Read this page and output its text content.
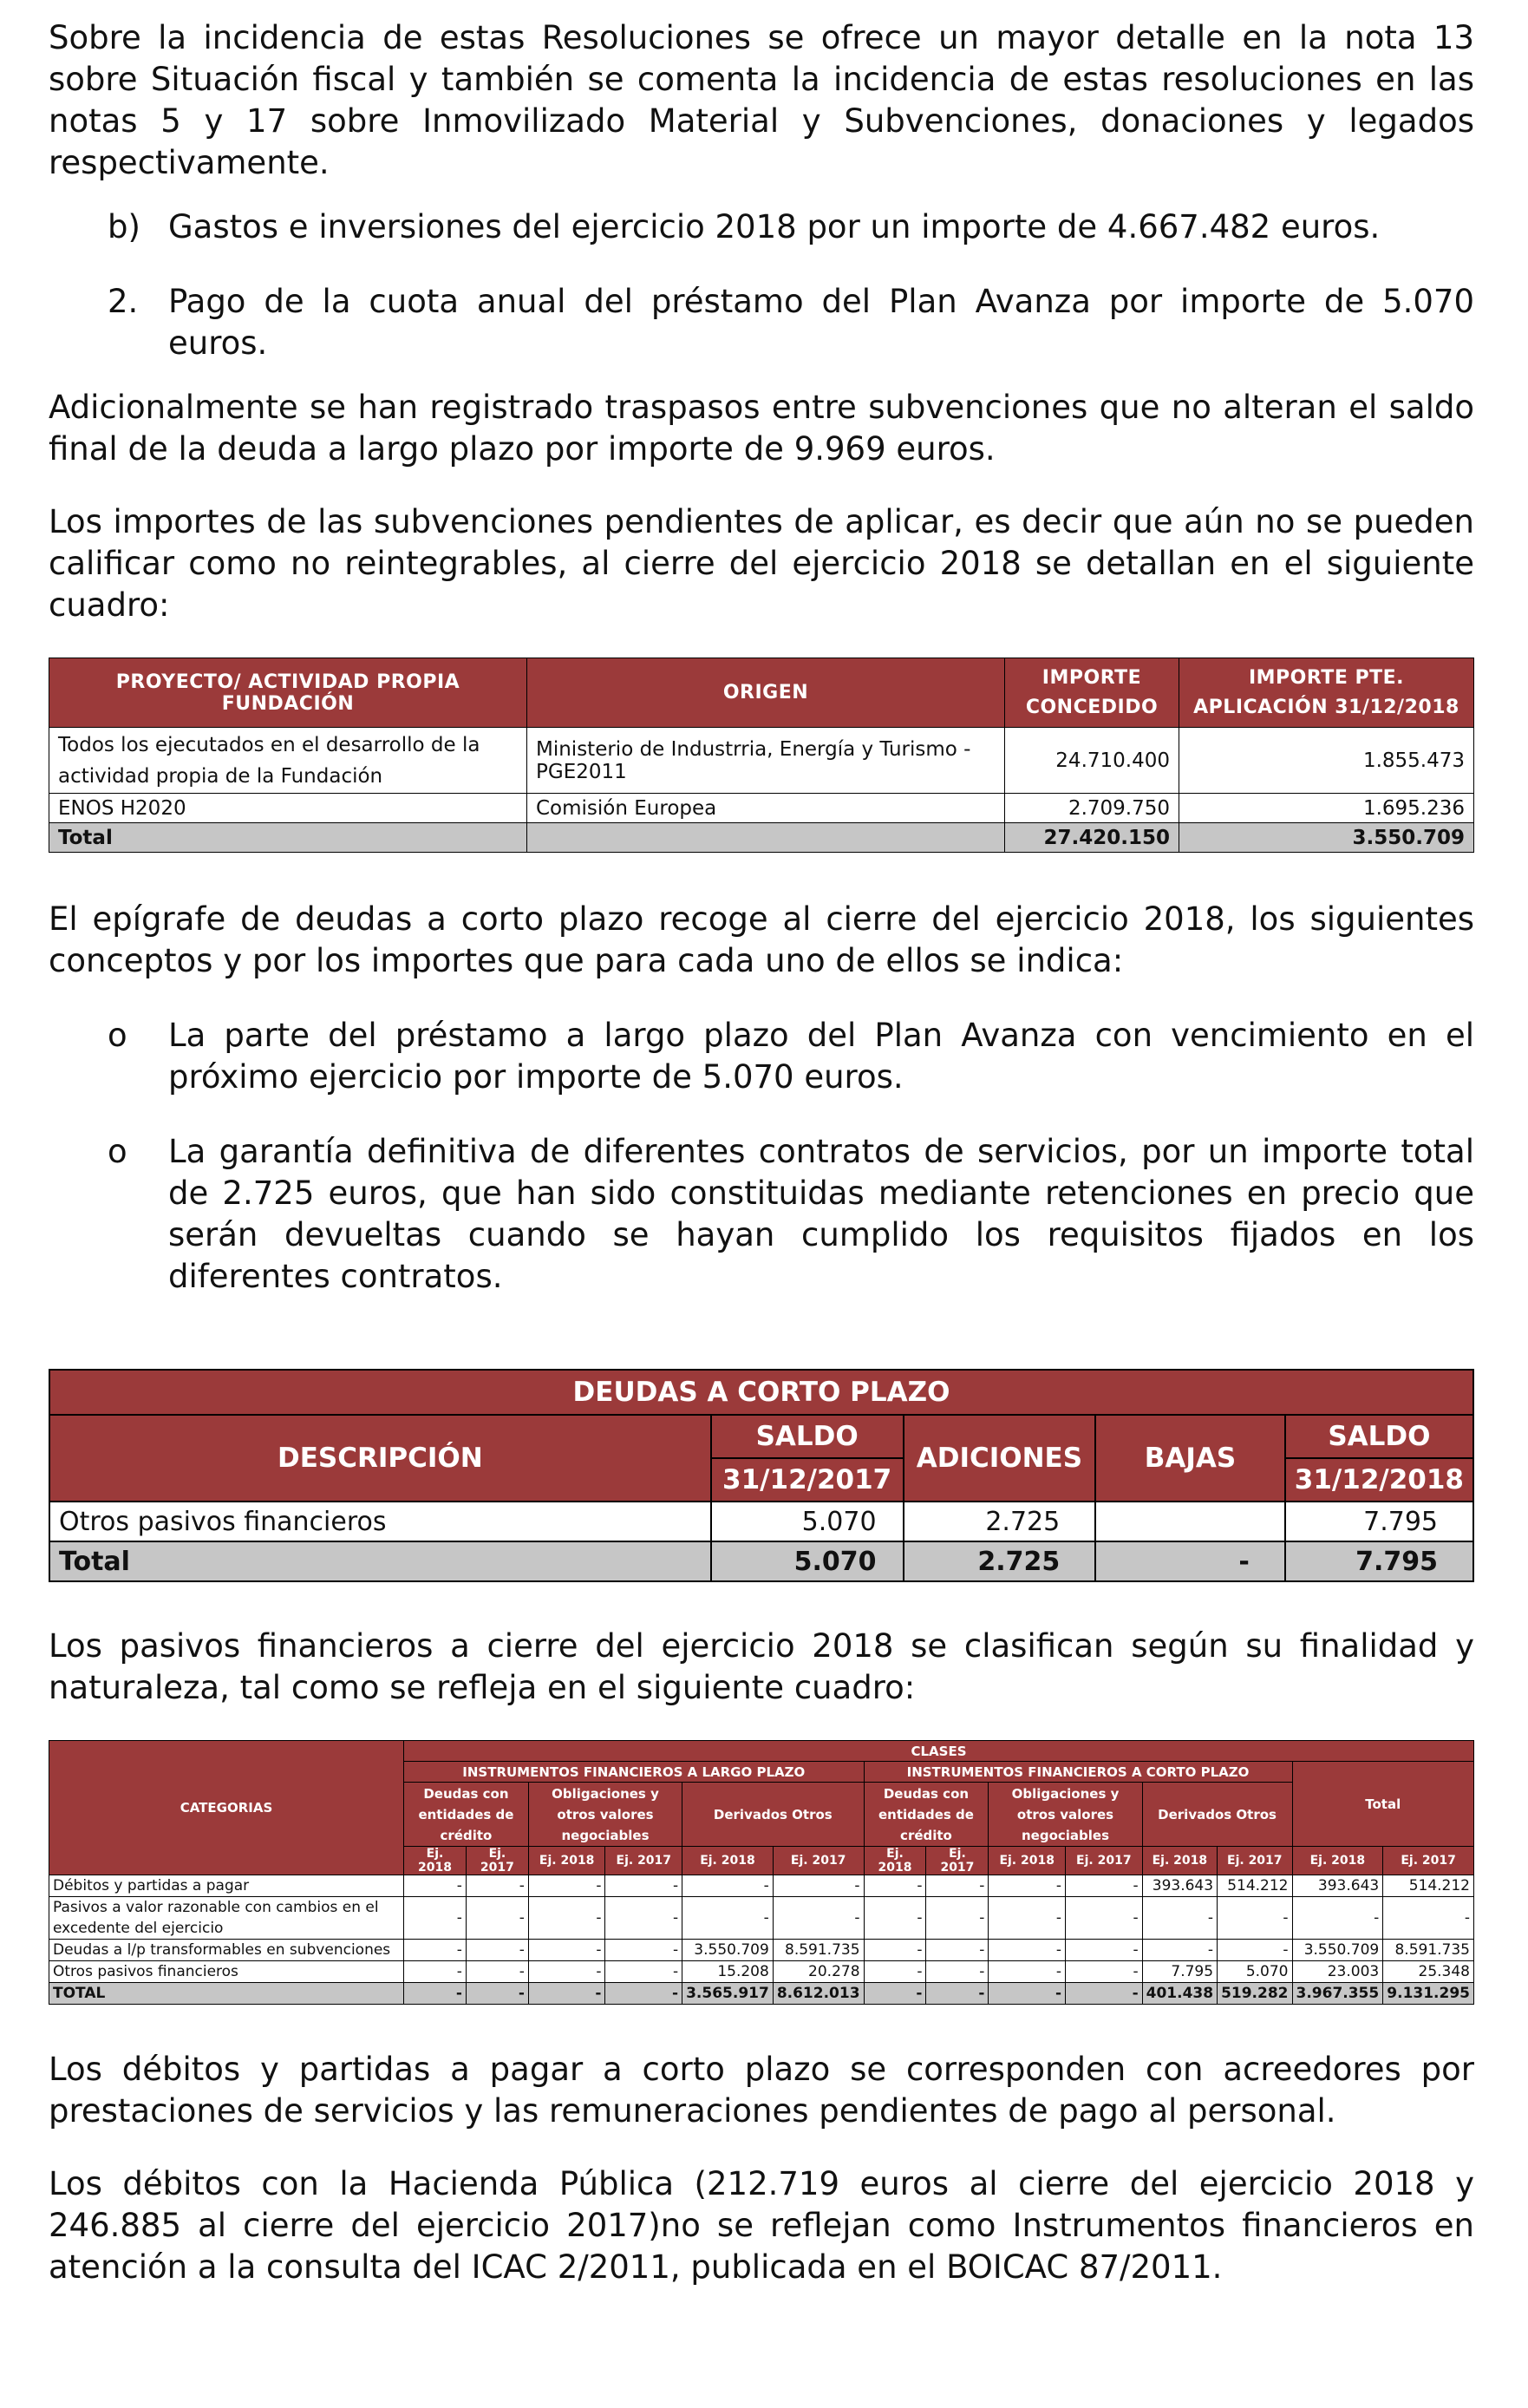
Sobre la incidencia de estas Resoluciones se ofrece un mayor detalle en la nota 13 sobre Situación fiscal y también se comenta la incidencia de estas resoluciones en las notas 5 y 17 sobre Inmovilizado Material y Subvenciones, donaciones y legados respectivamente.
b) Gastos e inversiones del ejercicio 2018 por un importe de 4.667.482 euros.
2. Pago de la cuota anual del préstamo del Plan Avanza por importe de 5.070 euros.
Adicionalmente se han registrado traspasos entre subvenciones que no alteran el saldo final de la deuda a largo plazo por importe de 9.969 euros.
Los importes de las subvenciones pendientes de aplicar, es decir que aún no se pueden calificar como no reintegrables, al cierre del ejercicio 2018 se detallan en el siguiente cuadro:
PROYECTO/ ACTIVIDAD PROPIA FUNDACIÓN	ORIGEN	IMPORTE CONCEDIDO	IMPORTE PTE. APLICACIÓN 31/12/2018
Todos los ejecutados en el desarrollo de la actividad propia de la Fundación	Ministerio de Industrria, Energía y Turismo - PGE2011	24.710.400	1.855.473
ENOS H2020	Comisión Europea	2.709.750	1.695.236
Total		27.420.150	3.550.709
El epígrafe de deudas a corto plazo recoge al cierre del ejercicio 2018, los siguientes conceptos y por los importes que para cada uno de ellos se indica:
o La parte del préstamo a largo plazo del Plan Avanza con vencimiento en el próximo ejercicio por importe de 5.070 euros.
o La garantía definitiva de diferentes contratos de servicios, por un importe total de 2.725 euros, que han sido constituidas mediante retenciones en precio que serán devueltas cuando se hayan cumplido los requisitos fijados en los diferentes contratos.
DEUDAS A CORTO PLAZO				
DESCRIPCIÓN	SALDO	ADICIONES	BAJAS	SALDO
	31/12/2017			31/12/2018
Otros pasivos financieros	5.070	2.725		7.795
Total	5.070	2.725	-	7.795
Los pasivos financieros a cierre del ejercicio 2018 se clasifican según su finalidad y naturaleza, tal como se refleja en el siguiente cuadro:
CATEGORIAS	CLASES													
	INSTRUMENTOS FINANCIEROS A LARGO PLAZO						INSTRUMENTOS FINANCIEROS A CORTO PLAZO						Total	
	Deudas con entidades de crédito		Obligaciones y otros valores negociables		Derivados Otros		Deudas con entidades de crédito		Obligaciones y otros valores negociables		Derivados Otros			
	Ej. 2018	Ej. 2017	Ej. 2018	Ej. 2017	Ej. 2018	Ej. 2017	Ej. 2018	Ej. 2017	Ej. 2018	Ej. 2017	Ej. 2018	Ej. 2017	Ej. 2018	Ej. 2017
Débitos y partidas a pagar	-	-	-	-	-	-	-	-	-	-	393.643	514.212	393.643	514.212
Pasivos a valor razonable con cambios en el excedente del ejercicio	-	-	-	-	-	-	-	-	-	-	-	-	-	-
Deudas a l/p transformables en subvenciones	-	-	-	-	3.550.709	8.591.735	-	-	-	-	-	-	3.550.709	8.591.735
Otros pasivos financieros	-	-	-	-	15.208	20.278	-	-	-	-	7.795	5.070	23.003	25.348
TOTAL	-	-	-	-	3.565.917	8.612.013	-	-	-	-	401.438	519.282	3.967.355	9.131.295
Los débitos y partidas a pagar a corto plazo se corresponden con acreedores por prestaciones de servicios y las remuneraciones pendientes de pago al personal.
Los débitos con la Hacienda Pública (212.719 euros al cierre del ejercicio 2018 y 246.885 al cierre del ejercicio 2017)no se reflejan como Instrumentos financieros en atención a la consulta del ICAC 2/2011, publicada en el BOICAC 87/2011.
